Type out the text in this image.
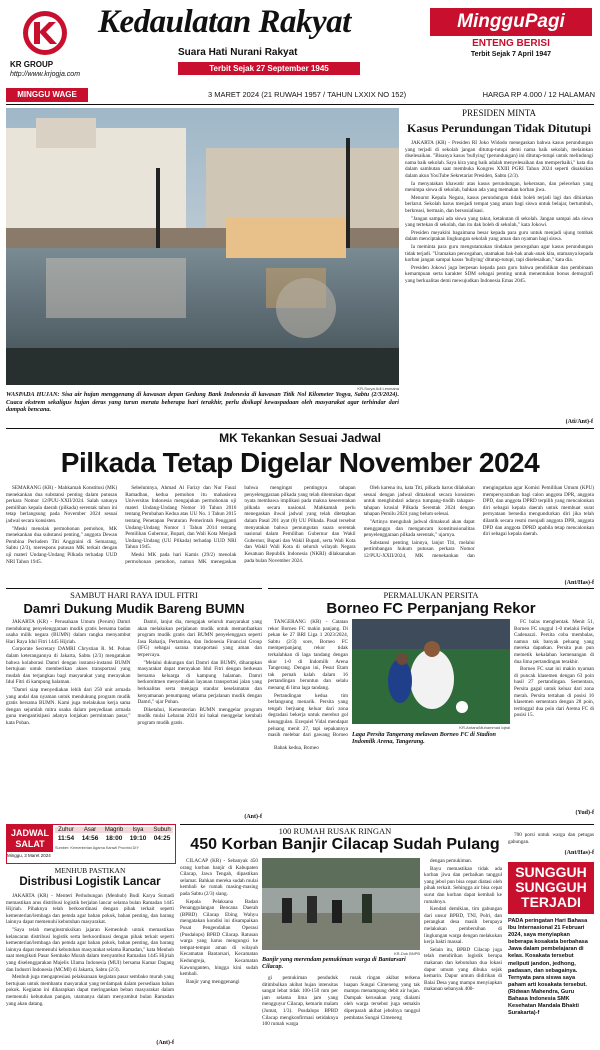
KR GROUP
http://www.krjogja.com
Kedaulatan Rakyat
Suara Hati Nurani Rakyat
Terbit Sejak 27 September 1945
MingguPagi
ENTENG BERISI
Terbit Sejak 7 April 1947
MINGGU WAGE	3 MARET 2024 (21 RUWAH 1957 / TAHUN LXXIX NO 152)	HARGA RP 4.000 / 12 HALAMAN
KR-Surya Adi Lesmana
WASPADA HUJAN: Sisa air hujan menggenang di kawasan depan Gedung Bank Indonesia di kawasan Titik Nol Kilometer Yogya, Sabtu (2/3/2024). Cuaca ekstrem sekaligus hujan deras yang turun merata beberapa hari terakhir, perlu disikapi kewaspadaan oleh masyarakat agar terhindar dari dampak bencana.
PRESIDEN MINTA
Kasus Perundungan Tidak Ditutupi

JAKARTA (KR) - Presiden RI Joko Widodo menegaskan bahwa kasus perundungan yang terjadi di sekolah jangan ditutup-tutupi demi nama baik sekolah, melainkan diselesaikan. "Bisanya kasus 'bullying' (perundungan) ini ditutup-tutupi untuk melindungi nama baik sekolah. Saya kira yang baik adalah menyelesaikan dan memperbaiki," kata dia dalam sambutan saat membuka Kongres XXIII PGRI Tahun 2024 seperti disaksikan dalam akun YouTube Sekretariat Presiden, Sabtu (2/3).

Ia menyatakan khawatir atas kasus perundungan, kekerasan, dan pelecehan yang menimpa siswa di sekolah, bahkan ada yang memakan korban jiwa.

Menurut Kepala Negara, kasus perundungan tidak boleh terjadi lagi dan dibiarkan berlarut. Sekolah harus menjadi tempat yang aman bagi siswa untuk belajar, bertumbuh, berkreasi, bermain, dan bersosialisasi.

"Jangan sampai ada siswa yang takut, ketakutan di sekolah. Jangan sampai ada siswa yang tertekan di sekolah, dan itu dak boleh di sekolah," kata Jokowi.

Presiden meyakini bagaimana besar kepada para guru untuk menjadi ujung tombak dalam menciptakan lingkungan sekolah yang aman dan nyaman bagi siswa.

Ia meminta para guru mengutamakan tindakan pencegahan agar kasus perundungan tidak terjadi. "Utamakan pencegahan, utamakan bak-hak anak-anak kita, utamanya kepada korban jangan sampai kasus 'bullying' ditutup-tutupi, tapi diselesaikan," kata dia.

Presiden Jokowi juga berpesan kepada para guru bahwa pendidikan dan pembinaan kemampuan serta karakter SDM sebagai penting untuk menentukan bonus demografi yang berkualitas demi mewujudkan Indonesia Emas 2045.

(Ati/Ant)-f
MK Tekankan Sesuai Jadwal
Pilkada Tetap Digelar November 2024

SEMARANG (KR) - Mahkamah Konstitusi (MK) menekankan dua substansi penting dalam putusan perkara Nomor 12/PUU-XXII/2024. Salah satunya pemilihan kepala daerah (pilkada) serentak tahun ini tetap berlangsung pada November 2024 sesuai jadwal secara konsisten.

"Meski menolak permohonan pemohon, MK menekankan dua substansi penting," anggota Dewan Pembina Perludem Titi Anggraini di Semarang, Sabtu (2/3), merespons putusan MK terkait dengan uji materi Undang-Undang Pilkada terhadap UUD NRI Tahun 1945.

Sebelumnya, Ahmad Al Farizy dan Nur Fauzi Ramadhan, kedua pemohon itu mahasiswa Universitas Indonesia mengajukan permohonan uji materi Undang-Undang Nomor 10 Tahun 2016 tentang Perubahan Kedua atas UU No. 1 Tahun 2015 tentang Penetapan Peraturan Pemerintah Pengganti Undang-Undang Nomor 1 Tahun 2014 tentang Pemilihan Gubernur, Bupati, dan Wali Kota Menjadi Undang-Undang (UU Pilkada) terhadap UUD NRI Tahun 1945.

Meski MK pada hari Kamis (29/2) menolak permohonan pemohon, namun MK menegaskan bahwa mengingat pentingnya tahapan penyelenggaraan pilkada yang telah ditentukan dapat nyata membawa implikasi pada makna keserentakan pilkada secara nasional. Mahkamah perlu menegaskan ihwal jadwal yang telah ditetapkan dalam Pasal 201 ayat (8) UU Pilkada. Pasal tersebut menyatakan bahwa pemungutan suara serentak nasional dalam Pemilihan Gubernur dan Wakil Gubernur, Bupati dan Wakil Bupati, serta Wali Kota dan Wakil Wali Kota di seluruh wilayah Negara Kesatuan Republik Indonesia (NKRI) dilaksanakan pada bulan November 2024.

Oleh karena itu, kata Titi, pilkada harus dilakukan sesuai dengan jadwal dimaksud secara konsisten untuk menghindari adanya tumpang-tindih tahapan-tahapan krusial Pilkada Serentak 2024 dengan tahapan Pemilu 2024 yang belum selesai.

"Artinya mengubah jadwal dimaksud akan dapat mengganggu dan mengancam konstitusionalitas penyelenggaraan pilkada serentak," ujarnya.

Substansi penting lainnya, lanjut Titi, melalui pertimbangan hukum putusan perkara Nomor 12/PUU-XXII/2024, MK menekankan dan mengingatkan agar Komisi Pemilihan Umum (KPU) mempersyaratkan bagi calon anggota DPR, anggota DPD, dan anggota DPRD terpilih yang mencalonkan diri sebagai kepala daerah untuk membuat surat pernyataan bersedia mengundurkan diri jika telah dilantik secara resmi menjadi anggota DPR, anggota DPD dan anggota DPRD apabila tetap mencalonkan diri sebagai kepala daerah.

(Ant/Has)-f
SAMBUT HARI RAYA IDUL FITRI
Damri Dukung Mudik Bareng BUMN

JAKARTA (KR) - Perusahaan Umum (Perum) Damri mendukung penyelenggaraan mudik gratis bersama badan usaha milik negara (BUMN) dalam rangka menyambut Hari Raya Idul Fitri 1445 Hijriah.

Corporate Secretary DAMRI Chrystian R. M. Pohan dalam keterangannya di Jakarta, Sabtu (2/3) mengatakan bahwa kolaborasi Damri dengan instansi-instansi BUMN bertujuan untuk memberikan akses transportasi yang mudah dan terjangkau bagi masyarakat yang merayakan Idul Fitri di kampung halaman.

"Damri siap menyediakan lebih dari 250 unit armada yang andal dan nyaman untuk mendukung program mudik gratis bersama BUMN. Kami juga melakukan kerja sama dengan sejumlah mitra usaha dalam penyediaan armada guna mengantisipasi adanya lonjakan permintaan pasar," kata Pohan.

Damri, lanjut dia, mengajak seluruh masyarakat yang akan melakukan perjalanan mudik untuk memanfaatkan program mudik gratis dari BUMN penyelenggara seperti Jasa Raharja, Pertamina, dan Indonesia Financial Group (IFG) sebagai sarana transportasi yang aman dan terpercaya.

"Melalui dukungan dari Damri dan BUMN, diharapkan masyarakat dapat merayakan Idul Fitri dengan berkesan bersama keluarga di kampung halaman. Damri berkomitmen menyediakan layanan transportasi jalan yang berkualitas serta menjaga standar keselamatan dan kenyamanan penumpang selama perjalanan mudik dengan Damri," ujar Pohan.

Diketahui, Kementerian BUMN menggelar program mudik mulai Lebaran 2024 ini bakal menggelar kembali program mudik gratis.

(Ant)-f
PERMALUKAN PERSITA
Borneo FC Perpanjang Rekor

TANGERANG (KR) - Catatan rekor Borneo FC makin panjang. Di pekan ke 27 BRI Liga 1 2023/2024, Sabtu (2/3) sore, Borneo FC memperpanjang rekor tidak terkalahkan di laga tandang dengan skor 1-0 di Indomilk Arena Tangerang. Dengan ini, Pesut Etam tak pernah kalah dalam 16 pertandingan beruntun dan selalu menang di lima laga tandang.

Pertandingan kedua tim berlangsung menarik. Persita yang tengah berjuang keluar dari zona degradasi bekerja untuk merebut gol keunggulan. Ezequiel Vidal mendapat peluang menit 27, tapi sepakannya masih melebar dari gawang Borneo

KR-Antara/Muhammad Iqbal
Laga Persita Tangerang melawan Borneo FC di Stadion Indomilk Arena, Tangerang.

Babak kedua, Borneo

FC balas menghentak. Menit 51, Borneo FC unggul 1-0 melalui Felipe Cadenazzi. Persita coba membalas, namun tak banyak peluang yang mereka dapatkan. Persita pun pun memetik kekalahan kemenangan di dua lima pertandingan terakhir.

Borneo FC saat ini makin nyaman di puncak klasemen dengan 63 poin hasil 27 pertandingan. Sementara, Persita gagal untuk keluar dari zona merah. Persita tertahan di posisi 16 klasemen sementara dengan 28 poin, tertinggal dua poin dari Arema FC di posisi 15.

(Yud)-f
JADWAL
SALAT
Minggu, 3 Maret 2024
Zuhur	Asar	Magrib	Isya	Subuh
11:54	14:56	18:00	19:10	04:25
Sumber: Kementerian Agama Kanwil Provinsi DIY
MENHUB PASTIKAN
Distribusi Logistik Lancar

JAKARTA (KR) - Menteri Perhubungan (Menhub) Budi Karya Sumadi memastikan arus distribusi logistik berjalan lancar selama bulan Ramadan 1445 Hijriah. Pihaknya telah berkoordinasi dengan pihak terkait seperti kementerian/lembaga dan pemda agar bahan pokok, bahan penting, dan barang lainnya dapat memenuhi kebutuhan masyarakat.

"Saya telah menginstruksikan jajaran Kemenhub untuk memastikan kelancaran distribusi logistik serta berkoordinasi dengan pihak terkait seperti kementerian/lembaga dan pemda agar bahan pokok, bahan penting, dan barang lainnya dapat memenuhi kebutuhan masyarakat selama Ramadan," kata Menhub saat mengikuti Pasar Sembako Murah dalam menyambut Ramadan 1445 Hijriah yang diselenggarakan Majelis Ulama Indonesia (MUI) bersama Kamar Dagang dan Industri Indonesia (MCMI) di Jakarta, Sabtu (2/3).

Menhub juga mengapresiasi pelaksanaan kegiatan pasar sembako murah yang bertujuan untuk membantu masyarakat yang terdampak dalam persediaan bahan pokok. Kegiatan ini diharapkan dapat meringankan beban masyarakat dalam memenuhi kebutuhan pangan, utamanya dalam menyambut bulan Ramadan yang akan datang.

(Ant)-f
100 RUMAH RUSAK RINGAN
450 Korban Banjir Cilacap Sudah Pulang

CILACAP (KR) - Sebanyak 450 orang korban banjir di Kabupaten Cilacap, Jawa Tengah, dipastikan selamat. Bahkan mereka sudah mulai kembali ke rumah masing-masing pada Sabtu (2/3) siang.

Kepala Pelaksana Badan Penanggulangan Bencana Daerah (BPBD) Cilacap Ebing Wahyu mengatakan kondisi ini disampaikan Pusat Pengendalian Operasi (Pusdalops) BPBD Cilacap. Ratusan warga yang harus mengungsi ke tempat-tempat aman di wilayah Kecamatan Bantarsari, Kecamatan Kedungreja, Kecamatan Kawunganten, hingga kini sudah kembali.

Banjir yang menggenangi

KR-Dok BNPB
Banjir yang merendam pemukiman warga di Bantarsari Cilacap.

gi pemukiman penduduk ditimbulkan akibat hujan intensitas sangat lebat tidak 100-150 mm per jam selama lima jam yang mengguyur Cilacap, kemarin malam (Jumat, 1/3). Pusdalops BPBD Cilacap mengkonfirmasi setidaknya 100 rumah warga

rusak ringan akibat terkena luapan Sungai Cimeneng yang tak mampu menampung debit air hujan. Dampak kerusakan yang dialami oleh warga tersebut juga semakin diperparah akibat jebolnya tanggul pembatas Sungai Cimeneng

dengan pemukiman.

Bayu memastikan tidak ada korban jiwa dan perbaikan tanggul yang jebol pun bisa cepat diatasi oleh pihak terkait. Sehingga air bisa cepat surut dan korban dapat kembali ke rumahnya.

Kendati demikian, tim gabungan dari unsur BPBD, TNI, Polri, dan perangkat desa masih berupaya melakukan pembersihan di lingkungan warga dengan melakukan kerja bakti massal.

Selain itu, BPBD Cilacap juga telah mendirikan logistik berupa makanan dan kebutuhan dua lokasi dapur umum yang dibuka sejak kemarin. Dapur umum didirikan di Balai Desa yang mampu menyiapkan makanan sebanyak 400-

700 porsi untuk warga dan petugas gabungan.

(Ant/Has)-f
SUNGGUH
SUNGGUH
TERJADI
PADA peringatan Hari Bahasa Ibu Internasional 21 Februari 2024, saya menyiapkan beberapa kosakata berbahasa Jawa dalam pembelajaran di kelas. Kosakata tersebut meliputi jandon, jedhong, padasan, dan sebagainya. Ternyata para siswa saya paham arti kosakata tersebut. (Ridwan Mahendra, Guru Bahasa Indonesia SMK Kesehatan Mandala Bhakti Surakarta)-f
